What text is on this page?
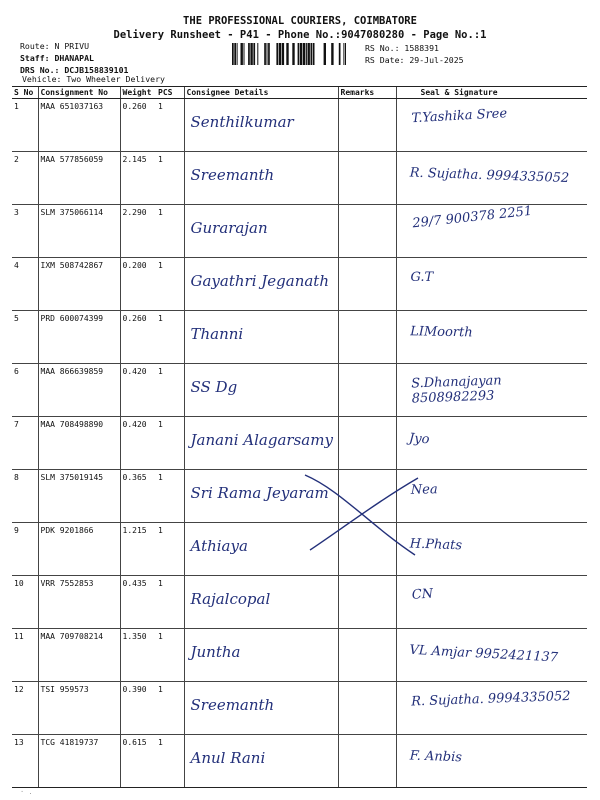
THE PROFESSIONAL COURIERS, COIMBATORE
Delivery Runsheet - P41 - Phone No.:9047080280 - Page No.:1
Route: N PRIVU
Staff: DHANAPAL
DRS No.: DCJB158839101
Vehicle: Two Wheeler Delivery
RS No.: 1588391
RS Date: 29-Jul-2025
S No	Consignment No	Weight	PCS	Consignee Details	Remarks	Seal & Signature
1	MAA 651037163	0.260	1	Senthilkumar		T.Yashika Sree
2	MAA 577856059	2.145	1	Sreemanth		R. Sujatha. 9994335052
3	SLM 375066114	2.290	1	Gurarajan		29/7 900378 2251
4	IXM 508742867	0.200	1	Gayathri Jeganath		G.T
5	PRD 600074399	0.260	1	Thanni		LIMoorth
6	MAA 866639859	0.420	1	SS Dg		S.Dhanajayan 8508982293
7	MAA 708498890	0.420	1	Janani Alagarsamy		Jyo
8	SLM 375019145	0.365	1	Sri Rama Jeyaram		Nea
9	PDK 9201866	1.215	1	Athiaya		H.Phats
10	VRR 7552853	0.435	1	Rajalcopal		CN
11	MAA 709708214	1.350	1	Juntha		VL Amjar 9952421137
12	TSI 959573	0.390	1	Sreemanth		R. Sujatha. 9994335052
13	TCG 41819737	0.615	1	Anul Rani		F. Anbis
· .
